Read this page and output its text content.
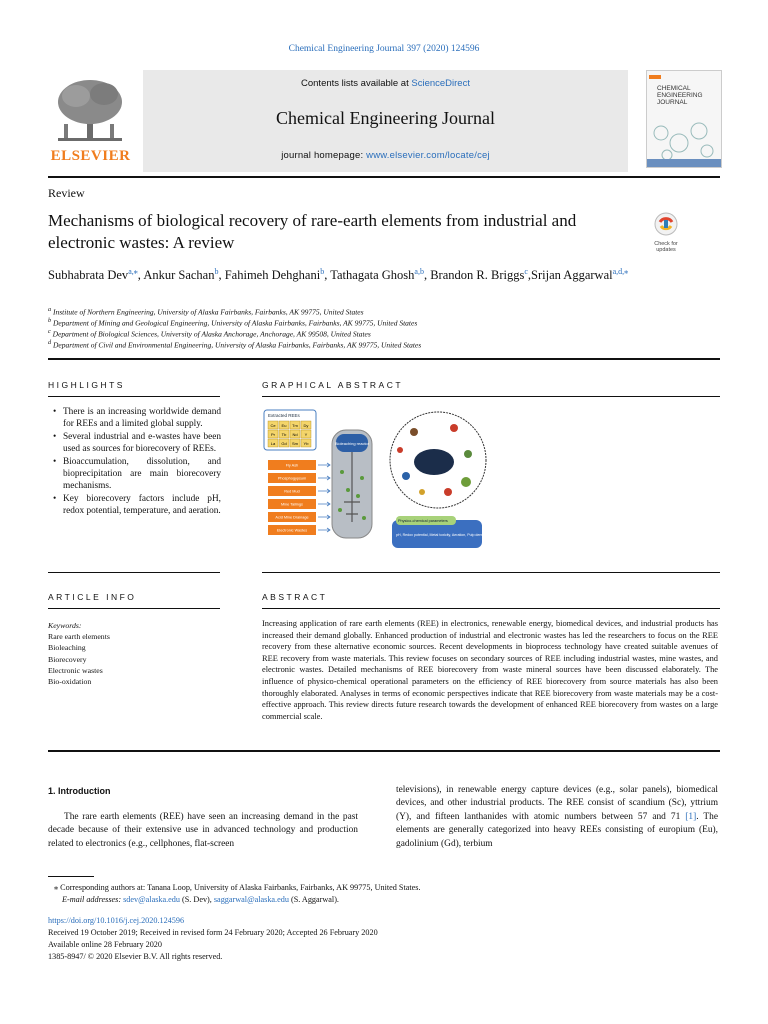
Chemical Engineering Journal 397 (2020) 124596
ELSEVIER
Contents lists available at ScienceDirect
Chemical Engineering Journal
journal homepage: www.elsevier.com/locate/cej
CHEMICAL ENGINEERING JOURNAL
Review
Mechanisms of biological recovery of rare-earth elements from industrial and electronic wastes: A review	Check for updates
Subhabrata Dev$^{a,⁎}$, Ankur Sachan$^b$, Fahimeh Dehghani$^b$, Tathagata Ghosh$^{a,b}$, Brandon R. Briggs$^c$,Srijan Aggarwal$^{a,d,⁎}$
$^a$ Institute of Northern Engineering, University of Alaska Fairbanks, Fairbanks, AK 99775, United States
$^b$ Department of Mining and Geological Engineering, University of Alaska Fairbanks, Fairbanks, AK 99775, United States
$^c$ Department of Biological Sciences, University of Alaska Anchorage, Anchorage, AK 99508, United States
$^d$ Department of Civil and Environmental Engineering, University of Alaska Fairbanks, Fairbanks, AK 99775, United States
HIGHLIGHTS
• There is an increasing worldwide demand for REEs and a limited global supply.
• Several industrial and e-wastes have been used as sources for biorecovery of REEs.
• Bioaccumulation, dissolution, and bioprecipitation are main biorecovery mechanisms.
• Key biorecovery factors include pH, redox potential, temperature, and aeration.
GRAPHICAL ABSTRACT
Extracted REEs
Ce Eu Tm Dy
Pr Tb Nd Y
La Gd Sm Yb	Bioleaching reactor
Fly Ash
Phosphogypsum
Red Mud
Mine Tailings
Acid Mine Drainage
Electronic Wastes
Physico-chemical parameters
pH, Redox potential, Metal toxicity, Aeration, Pulp density, Temperature
ARTICLE INFO
Keywords:
Rare earth elements
Bioleaching
Biorecovery
Electronic wastes
Bio-oxidation
ABSTRACT
Increasing application of rare earth elements (REE) in electronics, renewable energy, biomedical devices, and industrial products has increased their demand globally. Enhanced production of industrial and electronic wastes has led the researchers to focus on the REE recovery from these alternative economic sources. Recent developments in bioprocess technology have created suitable avenues of REE recovery from waste materials. This review focuses on secondary sources of REE including industrial wastes, mine wastes, and electronic wastes. Detailed mechanisms of REE biorecovery from waste mineral sources have been discussed elaborately. The influence of physico-chemical operational parameters on the efficiency of REE biorecovery from source materials has also been thoroughly elaborated. Analyses in terms of economic perspectives indicate that REE biorecovery from waste materials may be a cost-effective approach. This review directs future research towards the development of enhanced REE biorecovery from wastes on a large commercial scale.
1. Introduction
The rare earth elements (REE) have seen an increasing demand in the past decade because of their extensive use in advanced technology and production related to electronics (e.g., cellphones, flat-screen
televisions), in renewable energy capture devices (e.g., solar panels), biomedical devices, and other industrial products. The REE consist of scandium (Sc), yttrium (Y), and fifteen lanthanides with atomic numbers between 57 and 71 [1]. The elements are generally categorized into heavy REEs consisting of europium (Eu), gadolinium (Gd), terbium
⁎ Corresponding authors at: Tanana Loop, University of Alaska Fairbanks, Fairbanks, AK 99775, United States.
E-mail addresses: sdev@alaska.edu (S. Dev), saggarwal@alaska.edu (S. Aggarwal).
https://doi.org/10.1016/j.cej.2020.124596
Received 19 October 2019; Received in revised form 24 February 2020; Accepted 26 February 2020
Available online 28 February 2020
1385-8947/ © 2020 Elsevier B.V. All rights reserved.
